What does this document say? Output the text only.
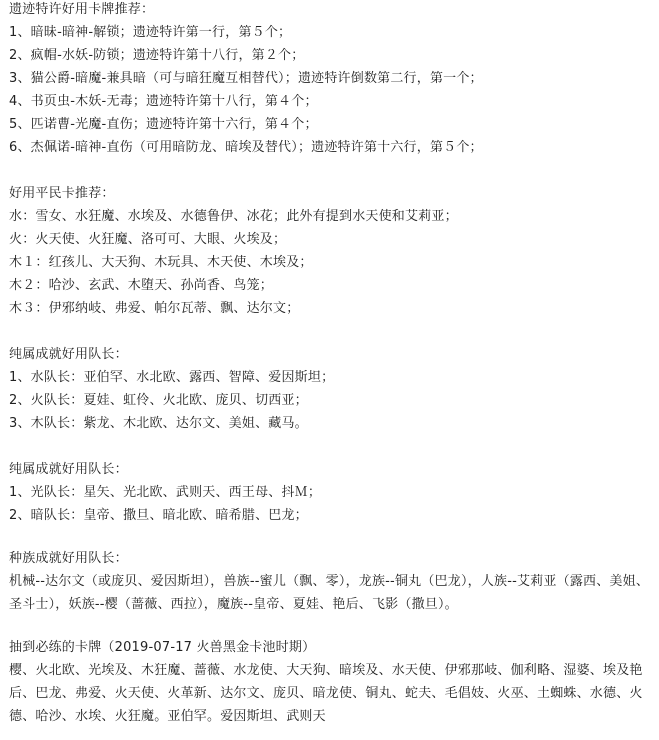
遗迹特许好用卡牌推荐：
1、暗昧-暗神-解锁；遗迹特许第一行，第５个；
2、疯帽-水妖-防锁；遗迹特许第十八行，第２个；
3、猫公爵-暗魔-兼具暗（可与暗狂魔互相替代）；遗迹特许倒数第二行，第一个；
4、书页虫-木妖-无毒；遗迹特许第十八行，第４个；
5、匹诺曹-光魔-直伤；遗迹特许第十六行，第４个；
6、杰佩诺-暗神-直伤（可用暗防龙、暗埃及替代）；遗迹特许第十六行，第５个；
好用平民卡推荐：
水：雪女、水狂魔、水埃及、水德鲁伊、冰花；此外有提到水天使和艾莉亚；
火：火天使、火狂魔、洛可可、大眼、火埃及；
木１：红孩儿、大天狗、木玩具、木天使、木埃及；
木２：哈沙、玄武、木堕天、孙尚香、鸟笼；
木３：伊邪纳岐、弗爱、帕尔瓦蒂、飘、达尔文；
纯属成就好用队长：
1、水队长：亚伯罕、水北欧、露西、智障、爱因斯坦；
2、火队长：夏娃、虹伶、火北欧、庞贝、切西亚；
3、木队长：紫龙、木北欧、达尔文、美姐、藏马。
纯属成就好用队长：
1、光队长：星矢、光北欧、武则天、西王母、抖Ｍ；
2、暗队长：皇帝、撒旦、暗北欧、暗希腊、巴龙；
种族成就好用队长：
机械--达尔文（或庞贝、爱因斯坦），兽族--蜜儿（飘、零），龙族--铜丸（巴龙），人族--艾莉亚（露西、美姐、圣斗士），妖族--樱（蔷薇、西拉），魔族--皇帝、夏娃、艳后、飞影（撒旦）。
抽到必练的卡牌（2019-07-17 火兽黑金卡池时期）
樱、火北欧、光埃及、木狂魔、蔷薇、水龙使、大天狗、暗埃及、水天使、伊邪那岐、伽利略、湿婆、埃及艳后、巴龙、弗爱、火天使、火革新、达尔文、庞贝、暗龙使、铜丸、蛇夫、毛倡妓、火巫、土蜘蛛、水德、火德、哈沙、水埃、火狂魔。亚伯罕。爱因斯坦、武则天
